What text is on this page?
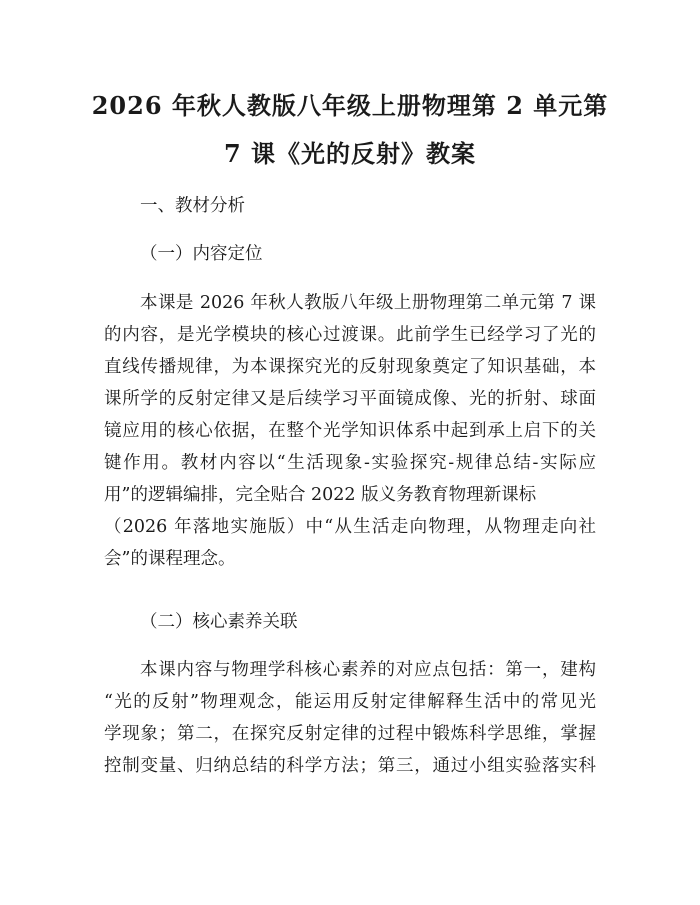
2026 年秋人教版八年级上册物理第 2 单元第
7 课《光的反射》教案
一、教材分析
（一）内容定位
本课是 2026 年秋人教版八年级上册物理第二单元第 7 课
的内容，是光学模块的核心过渡课。此前学生已经学习了光的
直线传播规律，为本课探究光的反射现象奠定了知识基础，本
课所学的反射定律又是后续学习平面镜成像、光的折射、球面
镜应用的核心依据，在整个光学知识体系中起到承上启下的关
键作用。教材内容以“生活现象-实验探究-规律总结-实际应
用”的逻辑编排，完全贴合 2022 版义务教育物理新课标
（2026 年落地实施版）中“从生活走向物理，从物理走向社
会”的课程理念。
（二）核心素养关联
本课内容与物理学科核心素养的对应点包括：第一，建构
“光的反射”物理观念，能运用反射定律解释生活中的常见光
学现象；第二，在探究反射定律的过程中锻炼科学思维，掌握
控制变量、归纳总结的科学方法；第三，通过小组实验落实科
